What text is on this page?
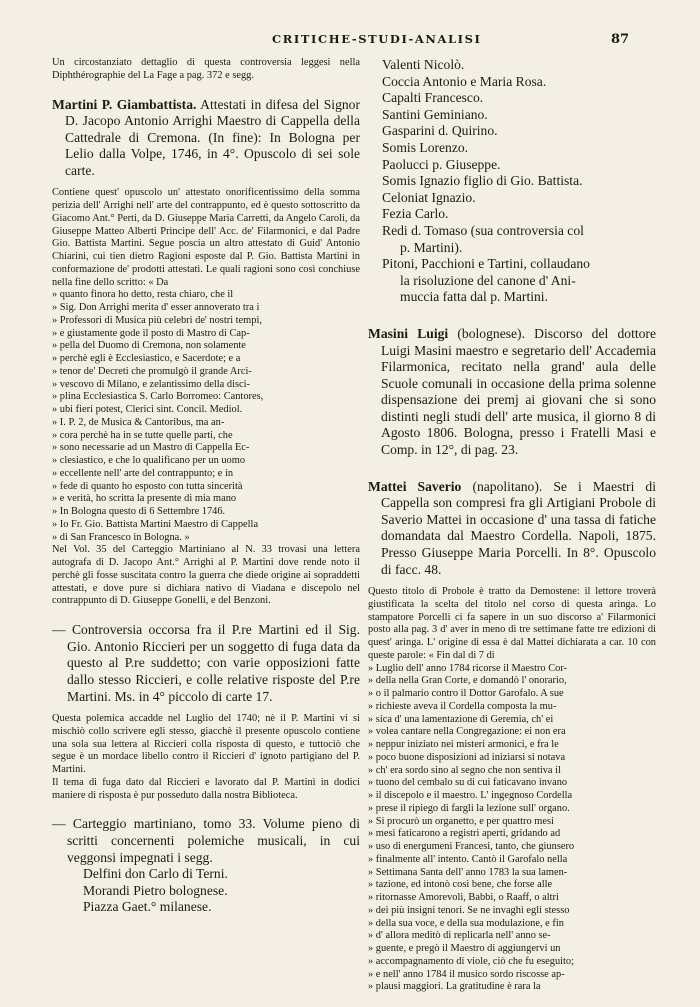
CRITICHE-STUDI-ANALISI	87

Un circostanziato dettaglio di questa controversia leggesi nella Diphthérographie del La Fage a pag. 372 e segg.

Martini P. Giambattista. Attestati in difesa del Signor D. Jacopo Antonio Arrighi Maestro di Cappella della Cattedrale di Cremona. (In fine): In Bologna per Lelio dalla Volpe, 1746, in 4°. Opuscolo di sei sole carte.

Contiene quest' opuscolo un' attestato onorificentissimo della somma perizia dell' Arrighi nell' arte del contrappunto, ed è questo sottoscritto da Giacomo Ant.° Perti, da D. Giuseppe Maria Carretti, da Angelo Caroli, da Giuseppe Matteo Alberti Principe dell' Acc. de' Filarmonici, e dal Padre Gio. Battista Martini. Segue poscia un altro attestato di Guid' Antonio Chiarini, cui tien dietro Ragioni esposte dal P. Gio. Battista Martini in conformazione de' prodotti attestati. Le quali ragioni sono così conchiuse nella fine dello scritto: « Da

» quanto finora ho detto, resta chiaro, che il
» Sig. Don Arrighi merita d' esser annoverato tra i
» Professori di Musica più celebri de' nostri tempi,
» e giustamente gode il posto di Mastro di Cap-
» pella del Duomo di Cremona, non solamente
» perchè egli è Ecclesiastico, e Sacerdote; e a
» tenor de' Decreti che promulgò il grande Arci-
» vescovo di Milano, e zelantissimo della disci-
» plina Ecclesiastica S. Carlo Borromeo: Cantores,
» ubi fieri potest, Clerici sint. Concil. Mediol.
» I. P. 2, de Musica & Cantoribus, ma an-
» cora perchè ha in se tutte quelle parti, che
» sono necessarie ad un Mastro di Cappella Ec-
» clesiastico, e che lo qualificano per un uomo
» eccellente nell' arte del contrappunto; e in
» fede di quanto ho esposto con tutta sincerità
» e verità, ho scritta la presente di mia mano
» In Bologna questo di 6 Settembre 1746.
» Io Fr. Gio. Battista Martini Maestro di Cappella
» di San Francesco in Bologna. »

Nel Vol. 35 del Carteggio Martiniano al N. 33 trovasi una lettera autografa di D. Jacopo Ant.° Arrighi al P. Martini dove rende noto il perchè gli fosse suscitata contro la guerra che diede origine ai sopraddetti attestati, e dove pure si dichiara nativo di Viadana e discepolo nel contrappunto di D. Giuseppe Gonelli, e del Benzoni.

— Controversia occorsa fra il P.re Martini ed il Sig. Gio. Antonio Riccieri per un soggetto di fuga data da questo al P.re suddetto; con varie opposizioni fatte dallo stesso Riccieri, e colle relative risposte del P.re Martini. Ms. in 4° piccolo di carte 17.

Questa polemica accadde nel Luglio del 1740; nè il P. Martini vi si mischiò collo scrivere egli stesso, giacchè il presente opuscolo contiene una sola sua lettera al Riccieri colla risposta di questo, e tuttociò che segue è un mordace libello contro il Riccieri d' ignoto partigiano del P. Martini.

Il tema di fuga dato dal Riccieri e lavorato dal P. Martini in dodici maniere di risposta è pur posseduto dalla nostra Biblioteca.

— Carteggio martiniano, tomo 33. Volume pieno di scritti concernenti polemiche musicali, in cui veggonsi impegnati i segg.

Delfini don Carlo di Terni.
Morandi Pietro bolognese.
Piazza Gaet.° milanese.
Valenti Nicolò.
Coccia Antonio e Maria Rosa.
Capalti Francesco.
Santini Geminiano.
Gasparini d. Quirino.
Somis Lorenzo.
Paolucci p. Giuseppe.
Somis Ignazio figlio di Gio. Battista.
Celoniat Ignazio.
Fezia Carlo.
Redi d. Tomaso (sua controversia col
p. Martini).
Pitoni, Pacchioni e Tartini, collaudano
la risoluzione del canone d' Ani-
muccia fatta dal p. Martini.

Masini Luigi (bolognese). Discorso del dottore Luigi Masini maestro e segretario dell' Accademia Filarmonica, recitato nella grand' aula delle Scuole comunali in occasione della prima solenne dispensazione dei premj ai giovani che si sono distinti negli studi dell' arte musica, il giorno 8 di Agosto 1806. Bologna, presso i Fratelli Masi e Comp. in 12°, di pag. 23.

Mattei Saverio (napolitano). Se i Maestri di Cappella son compresi fra gli Artigiani Probole di Saverio Mattei in occasione d' una tassa di fatiche domandata dal Maestro Cordella. Napoli, 1875. Presso Giuseppe Maria Porcelli. In 8°. Opuscolo di facc. 48.

Questo titolo di Probole è tratto da Demostene: il lettore troverà giustificata la scelta del titolo nel corso di questa aringa. Lo stampatore Porcelli ci fa sapere in un suo discorso a' Filarmonici posto alla pag. 3 d' aver in meno di tre settimane fatte tre edizioni di quest' aringa. L' origine di essa è dal Mattei dichiarata a car. 10 con queste parole: « Fin dal di 7 di

» Luglio dell' anno 1784 ricorse il Maestro Cor-
» della nella Gran Corte, e domandò l' onorario,
» o il palmario contro il Dottor Garofalo. A sue
» richieste aveva il Cordella composta la mu-
» sica d' una lamentazione di Geremia, ch' ei
» volea cantare nella Congregazione: ei non era
» neppur iniziato nei misteri armonici, e fra le
» poco buone disposizioni ad iniziarsi si notava
» ch' era sordo sino al segno che non sentiva il
» tuono del cembalo su di cui faticavano invano
» il discepolo e il maestro. L' ingegnoso Cordella
» prese il ripiego di fargli la lezione sull' organo.
» Si procurò un organetto, e per quattro mesi
» mesi faticarono a registri aperti, gridando ad
» uso di energumeni Francesi, tanto, che giunsero
» finalmente all' intento. Cantò il Garofalo nella
» Settimana Santa dell' anno 1783 la sua lamen-
» tazione, ed intonò così bene, che forse alle
» ritornasse Amorevoli, Babbi, o Raaff, o altri
» dei più insigni tenori. Se ne invaghì egli stesso
» della sua voce, e della sua modulazione, e fin
» d' allora meditò di replicarla nell' anno se-
» guente, e pregò il Maestro di aggiungervi un
» accompagnamento di viole, ciò che fu eseguito;
» e nell' anno 1784 il musico sordo riscosse ap-
» plausi maggiori. La gratitudine è rara la
